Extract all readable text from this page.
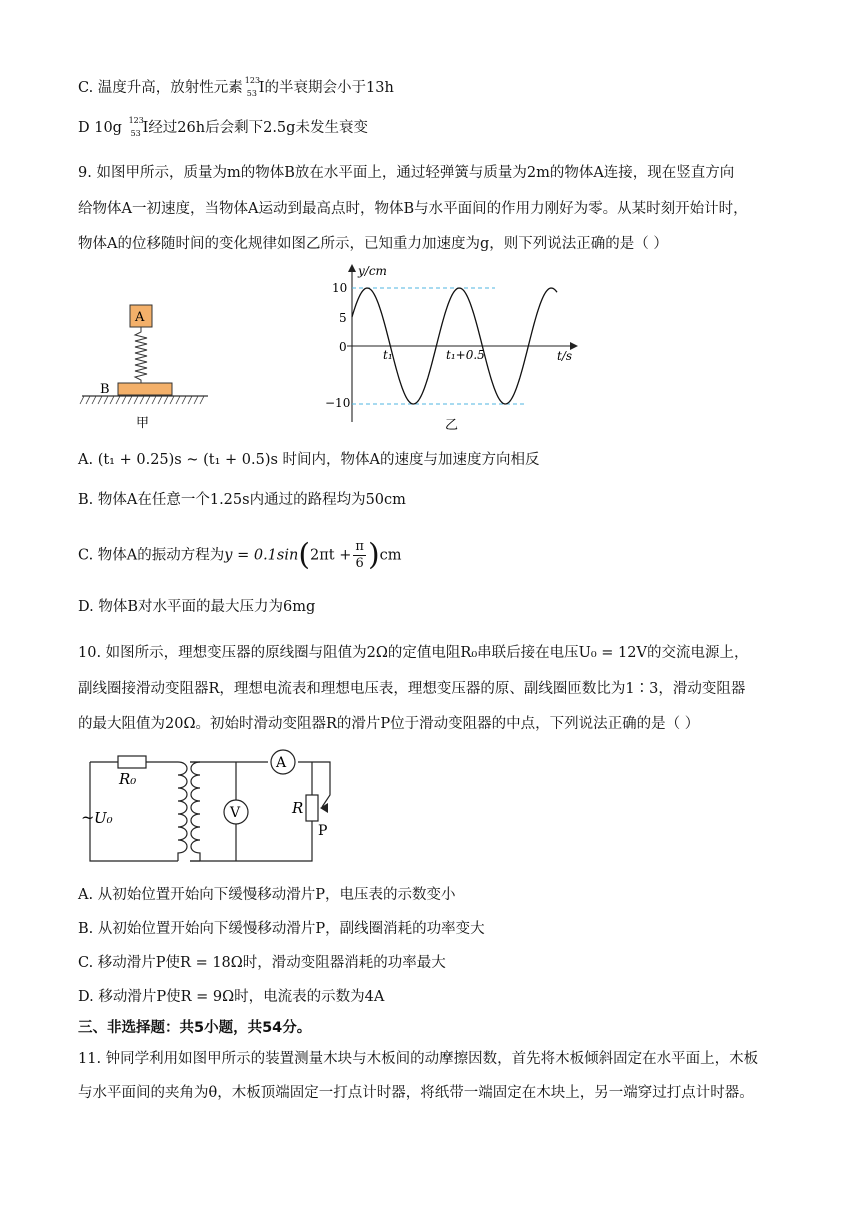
C. 温度升高，放射性元素 123
53 I的半衰期会小于13h
D 10g 123
53 I经过26h后会剩下2.5g未发生衰变
9. 如图甲所示，质量为m的物体B放在水平面上，通过轻弹簧与质量为2m的物体A连接，现在竖直方向
给物体A一初速度，当物体A运动到最高点时，物体B与水平面间的作用力刚好为零。从某时刻开始计时，
物体A的位移随时间的变化规律如图乙所示，已知重力加速度为g，则下列说法正确的是（ ）
A
B
甲
y/cm
t/s
10
5
0
−10
t₁	t₁+0.5
乙
A. (t₁ + 0.25)s ~ (t₁ + 0.5)s 时间内，物体A的速度与加速度方向相反
B. 物体A在任意一个1.25s内通过的路程均为50cm
C. 物体A的振动方程为$y = 0.1\sin(2\pi t + \frac{\pi}{6} )cm$
D. 物体B对水平面的最大压力为6mg
10. 如图所示，理想变压器的原线圈与阻值为2Ω的定值电阻R₀串联后接在电压U₀ = 12V的交流电源上，
副线圈接滑动变阻器R，理想电流表和理想电压表，理想变压器的原、副线圈匝数比为1∶3，滑动变阻器
的最大阻值为20Ω。初始时滑动变阻器R的滑片P位于滑动变阻器的中点，下列说法正确的是（ ）
R₀
~ U₀
A
V	R
P
A. 从初始位置开始向下缓慢移动滑片P，电压表的示数变小
B. 从初始位置开始向下缓慢移动滑片P，副线圈消耗的功率变大
C. 移动滑片P使R = 18Ω时，滑动变阻器消耗的功率最大
D. 移动滑片P使R = 9Ω时，电流表的示数为4A
三、非选择题：共5小题，共54分。
11. 钟同学利用如图甲所示的装置测量木块与木板间的动摩擦因数，首先将木板倾斜固定在水平面上，木板
与水平面间的夹角为θ，木板顶端固定一打点计时器，将纸带一端固定在木块上，另一端穿过打点计时器。
